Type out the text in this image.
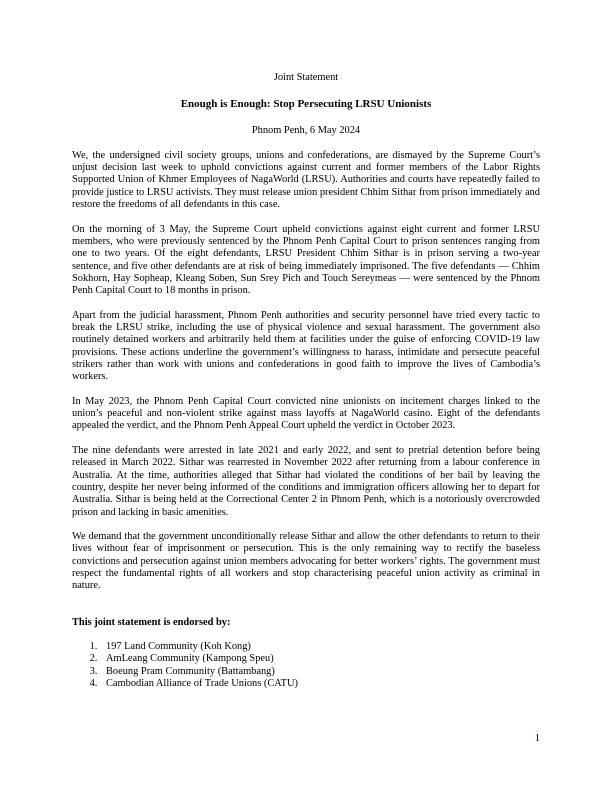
Joint Statement

Enough is Enough: Stop Persecuting LRSU Unionists

Phnom Penh, 6 May 2024

We, the undersigned civil society groups, unions and confederations, are dismayed by the Supreme Court’s unjust decision last week to uphold convictions against current and former members of the Labor Rights Supported Union of Khmer Employees of NagaWorld (LRSU). Authorities and courts have repeatedly failed to provide justice to LRSU activists. They must release union president Chhim Sithar from prison immediately and restore the freedoms of all defendants in this case.

On the morning of 3 May, the Supreme Court upheld convictions against eight current and former LRSU members, who were previously sentenced by the Phnom Penh Capital Court to prison sentences ranging from one to two years. Of the eight defendants, LRSU President Chhim Sithar is in prison serving a two-year sentence, and five other defendants are at risk of being immediately imprisoned. The five defendants — Chhim Sokhorn, Hay Sopheap, Kleang Soben, Sun Srey Pich and Touch Sereymeas — were sentenced by the Phnom Penh Capital Court to 18 months in prison.

Apart from the judicial harassment, Phnom Penh authorities and security personnel have tried every tactic to break the LRSU strike, including the use of physical violence and sexual harassment. The government also routinely detained workers and arbitrarily held them at facilities under the guise of enforcing COVID-19 law provisions. These actions underline the government’s willingness to harass, intimidate and persecute peaceful strikers rather than work with unions and confederations in good faith to improve the lives of Cambodia’s workers.

In May 2023, the Phnom Penh Capital Court convicted nine unionists on incitement charges linked to the union’s peaceful and non-violent strike against mass layoffs at NagaWorld casino. Eight of the defendants appealed the verdict, and the Phnom Penh Appeal Court upheld the verdict in October 2023.

The nine defendants were arrested in late 2021 and early 2022, and sent to pretrial detention before being released in March 2022. Sithar was rearrested in November 2022 after returning from a labour conference in Australia. At the time, authorities alleged that Sithar had violated the conditions of her bail by leaving the country, despite her never being informed of the conditions and immigration officers allowing her to depart for Australia. Sithar is being held at the Correctional Center 2 in Phnom Penh, which is a notoriously overcrowded prison and lacking in basic amenities.

We demand that the government unconditionally release Sithar and allow the other defendants to return to their lives without fear of imprisonment or persecution. This is the only remaining way to rectify the baseless convictions and persecution against union members advocating for better workers’ rights. The government must respect the fundamental rights of all workers and stop characterising peaceful union activity as criminal in nature.

This joint statement is endorsed by:

1. 197 Land Community (Koh Kong)
2. AmLeang Community (Kampong Speu)
3. Boeung Pram Community (Battambang)
4. Cambodian Alliance of Trade Unions (CATU)
1
